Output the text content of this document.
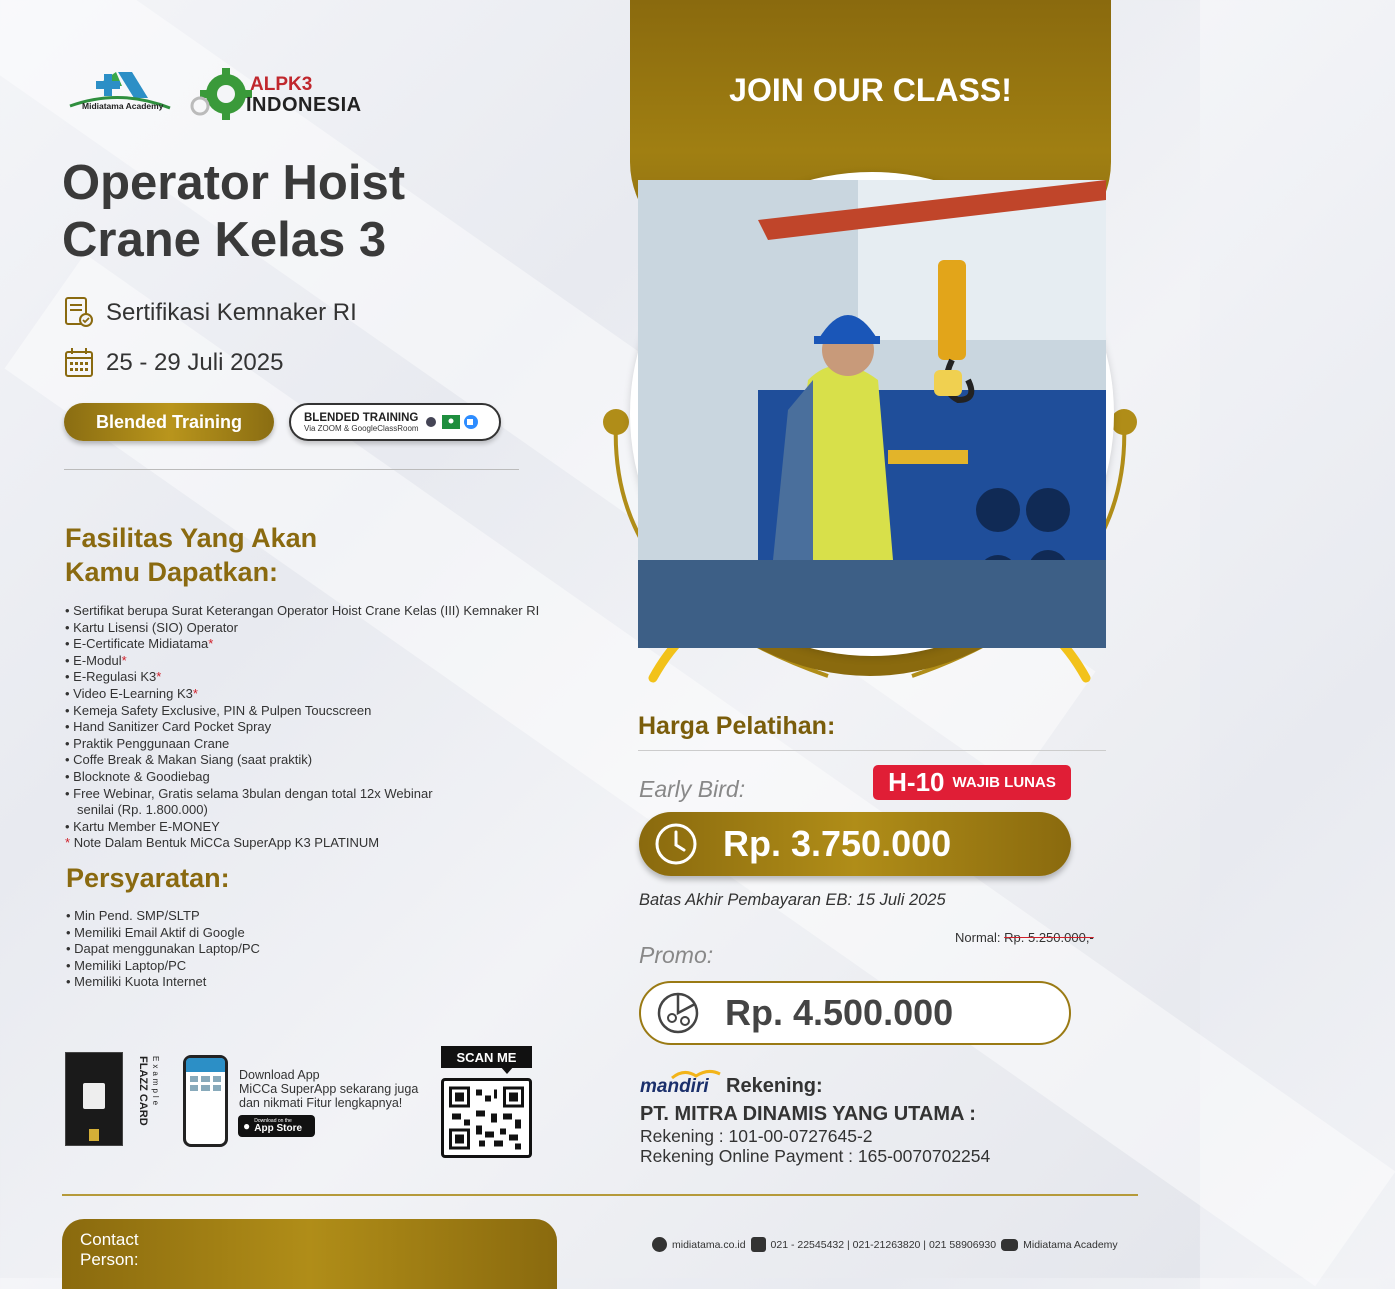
Midiatama Academy
ALPK3
INDONESIA
Operator Hoist
Crane Kelas 3
Sertifikasi Kemnaker RI
25 - 29 Juli 2025
Blended Training	BLENDED TRAINING
Via ZOOM & GoogleClassRoom
Fasilitas Yang Akan
Kamu Dapatkan:
• Sertifikat berupa Surat Keterangan Operator Hoist Crane Kelas (III) Kemnaker RI
• Kartu Lisensi (SIO) Operator
• E-Certificate Midiatama*
• E-Modul*
• E-Regulasi K3*
• Video E-Learning K3*
• Kemeja Safety Exclusive, PIN & Pulpen Toucscreen
• Hand Sanitizer Card Pocket Spray
• Praktik Penggunaan Crane
• Coffe Break & Makan Siang (saat praktik)
• Blocknote & Goodiebag
• Free Webinar, Gratis selama 3bulan dengan total 12x Webinar
senilai (Rp. 1.800.000)
• Kartu Member E-MONEY
* Note Dalam Bentuk MiCCa SuperApp K3 PLATINUM
Persyaratan:
• Min Pend. SMP/SLTP
• Memiliki Email Aktif di Google
• Dapat menggunakan Laptop/PC
• Memiliki Laptop/PC
• Memiliki Kuota Internet
FLAZZ CARD Example	Download App
MiCCa SuperApp sekarang juga
dan nikmati Fitur lengkapnya!
● Download on the
App Store
SCAN ME
JOIN OUR CLASS!
Harga Pelatihan:
Early Bird:	H-10 WAJIB LUNAS
Rp. 3.750.000
Batas Akhir Pembayaran EB: 15 Juli 2025
Normal: Rp. 5.250.000,-
Promo:
Rp. 4.500.000
mandiri Rekening:
PT. MITRA DINAMIS YANG UTAMA :
Rekening : 101-00-0727645-2
Rekening Online Payment : 165-0070702254
Contact
Person:
midiatama.co.id 021 - 22545432 | 021-21263820 | 021 58906930	Midiatama Academy
